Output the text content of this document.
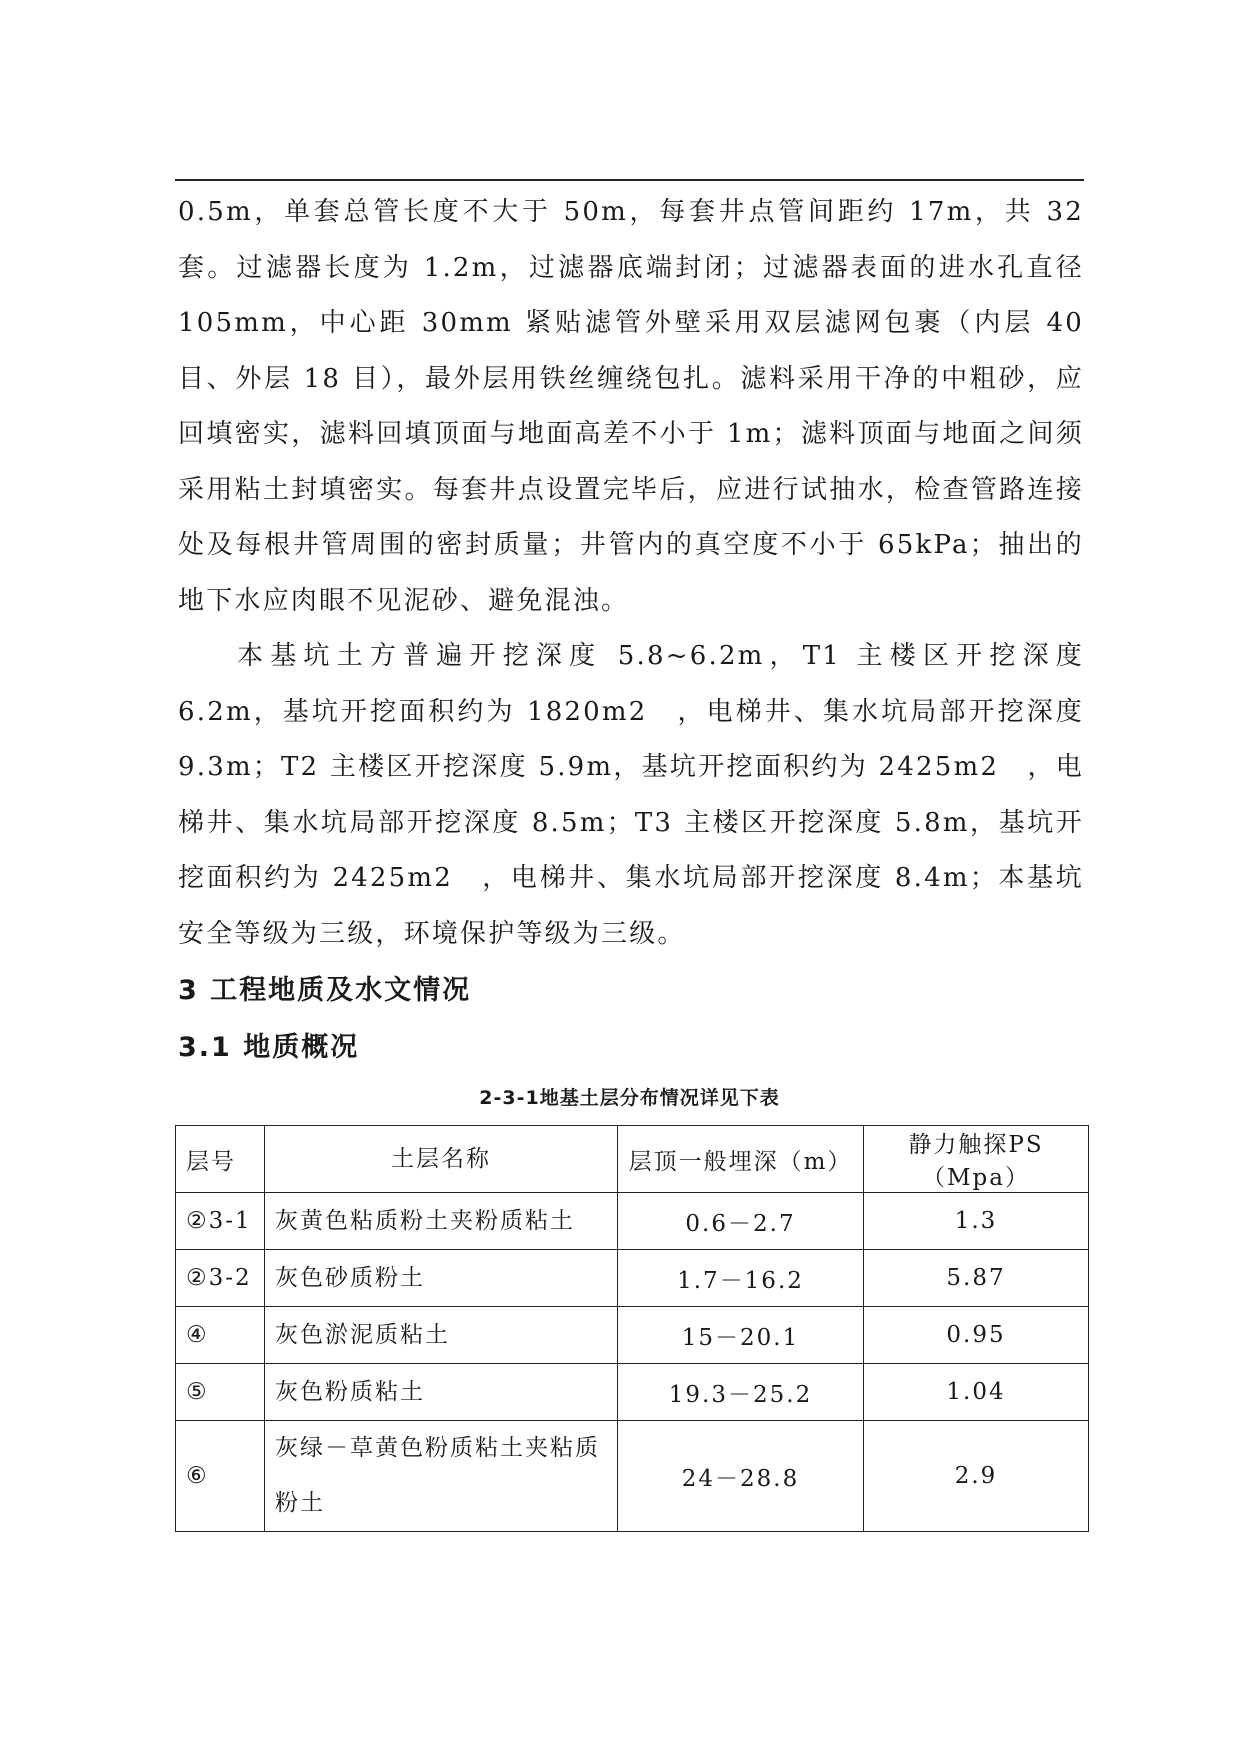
0.5m，单套总管长度不大于 50m，每套井点管间距约 17m，共 32 套。过滤器长度为 1.2m，过滤器底端封闭；过滤器表面的进水孔直径 105mm，中心距 30mm 紧贴滤管外壁采用双层滤网包裹（内层 40 目、外层 18 目），最外层用铁丝缠绕包扎。滤料采用干净的中粗砂，应回填密实，滤料回填顶面与地面高差不小于 1m；滤料顶面与地面之间须采用粘土封填密实。每套井点设置完毕后，应进行试抽水，检查管路连接处及每根井管周围的密封质量；井管内的真空度不小于 65kPa；抽出的地下水应肉眼不见泥砂、避免混浊。
本基坑土方普遍开挖深度 5.8~6.2m，T1 主楼区开挖深度 6.2m，基坑开挖面积约为 1820m2　，电梯井、集水坑局部开挖深度 9.3m；T2 主楼区开挖深度 5.9m，基坑开挖面积约为 2425m2　，电梯井、集水坑局部开挖深度 8.5m；T3 主楼区开挖深度 5.8m，基坑开挖面积约为 2425m2　，电梯井、集水坑局部开挖深度 8.4m；本基坑安全等级为三级，环境保护等级为三级。
3 工程地质及水文情况
3.1 地质概况
2-3-1地基土层分布情况详见下表
层号	土层名称	层顶一般埋深（m）	静力触探PS（Mpa）
②3-1	灰黄色粘质粉土夹粉质粘土	0.6－2.7	1.3
②3-2	灰色砂质粉土	1.7－16.2	5.87
④	灰色淤泥质粘土	15－20.1	0.95
⑤	灰色粉质粘土	19.3－25.2	1.04
⑥	灰绿－草黄色粉质粘土夹粘质粉土	24－28.8	2.9
